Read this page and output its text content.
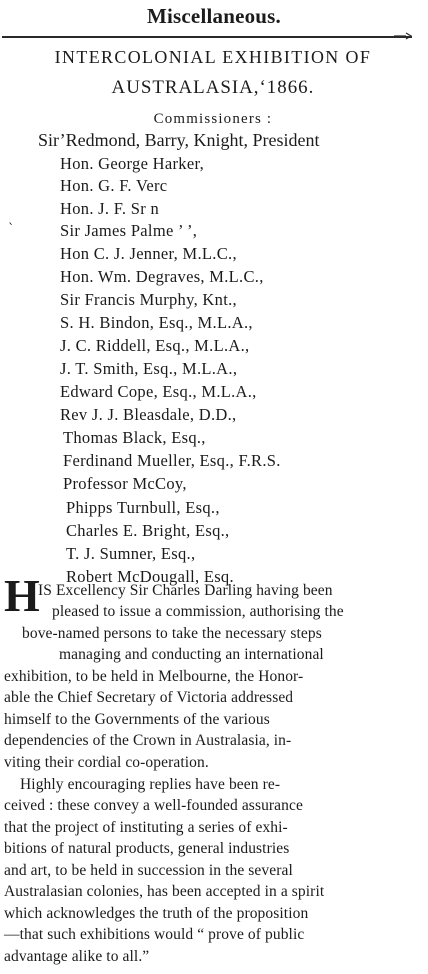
Miscellaneous.
INTERCOLONIAL EXHIBITION OF
AUSTRALASIA,‘1866.
Commissioners :
Sir’Redmond, Barry, Knight, President
`
Hon. George Harker,
Hon. G. F. Verc
Hon. J. F. Sr n
Sir James Palme ’ ’,
Hon C. J. Jenner, M.L.C.,
Hon. Wm. Degraves, M.L.C.,
Sir Francis Murphy, Knt.,
S. H. Bindon, Esq., M.L.A.,
J. C. Riddell, Esq., M.L.A.,
J. T. Smith, Esq., M.L.A.,
Edward Cope, Esq., M.L.A.,
Rev J. J. Bleasdale, D.D.,
Thomas Black, Esq.,
Ferdinand Mueller, Esq., F.R.S.
Professor McCoy,
Phipps Turnbull, Esq.,
Charles E. Bright, Esq.,
T. J. Sumner, Esq.,
Robert McDougall, Esq.
H
IS Excellency Sir Charles Darling having been
pleased to issue a commission, authorising the
bove-named persons to take the necessary steps
managing and conducting an international
exhibition, to be held in Melbourne, the Honor-
able the Chief Secretary of Victoria addressed
himself to the Governments of the various
dependencies of the Crown in Australasia, in-
viting their cordial co-operation.
Highly encouraging replies have been re-
ceived : these convey a well-founded assurance
that the project of instituting a series of exhi-
bitions of natural products, general industries
and art, to be held in succession in the several
Australasian colonies, has been accepted in a spirit
which acknowledges the truth of the proposition
—that such exhibitions would “ prove of public
advantage alike to all.”
